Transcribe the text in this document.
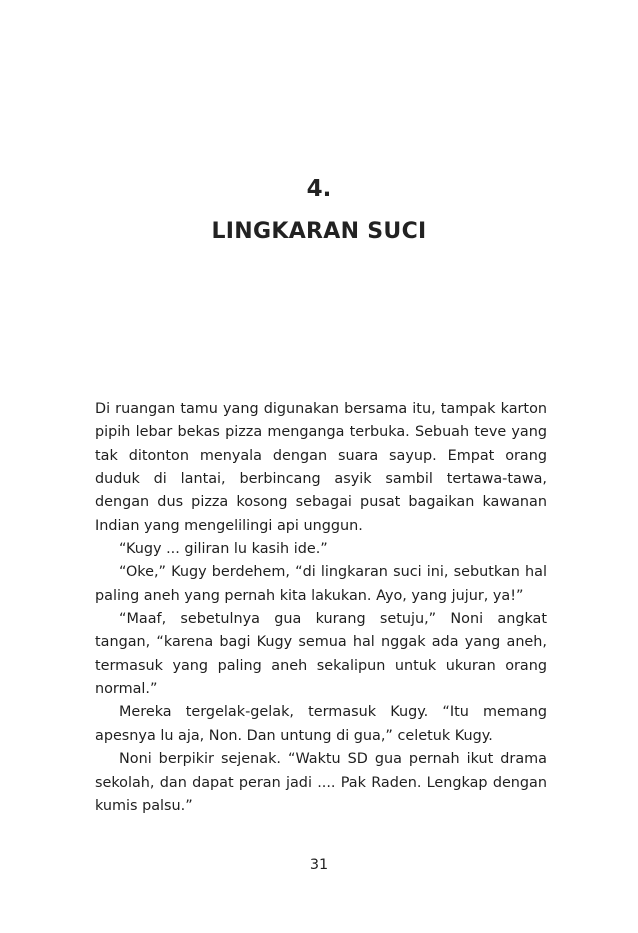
4.
LINGKARAN SUCI

Di ruangan tamu yang digunakan bersama itu, tampak karton pipih lebar bekas pizza menganga terbuka. Sebuah teve yang tak ditonton menyala dengan suara sayup. Empat orang duduk di lantai, berbincang asyik sambil tertawa-tawa, dengan dus pizza kosong sebagai pusat bagaikan kawanan Indian yang mengelilingi api unggun.

“Kugy ... giliran lu kasih ide.”

“Oke,” Kugy berdehem, “di lingkaran suci ini, sebutkan hal paling aneh yang pernah kita lakukan. Ayo, yang jujur, ya!”

“Maaf, sebetulnya gua kurang setuju,” Noni angkat tangan, “karena bagi Kugy semua hal nggak ada yang aneh, termasuk yang paling aneh sekalipun untuk ukuran orang normal.”

Mereka tergelak-gelak, termasuk Kugy. “Itu memang apesnya lu aja, Non. Dan untung di gua,” celetuk Kugy.

Noni berpikir sejenak. “Waktu SD gua pernah ikut drama sekolah, dan dapat peran jadi .... Pak Raden. Lengkap dengan kumis palsu.”

31
